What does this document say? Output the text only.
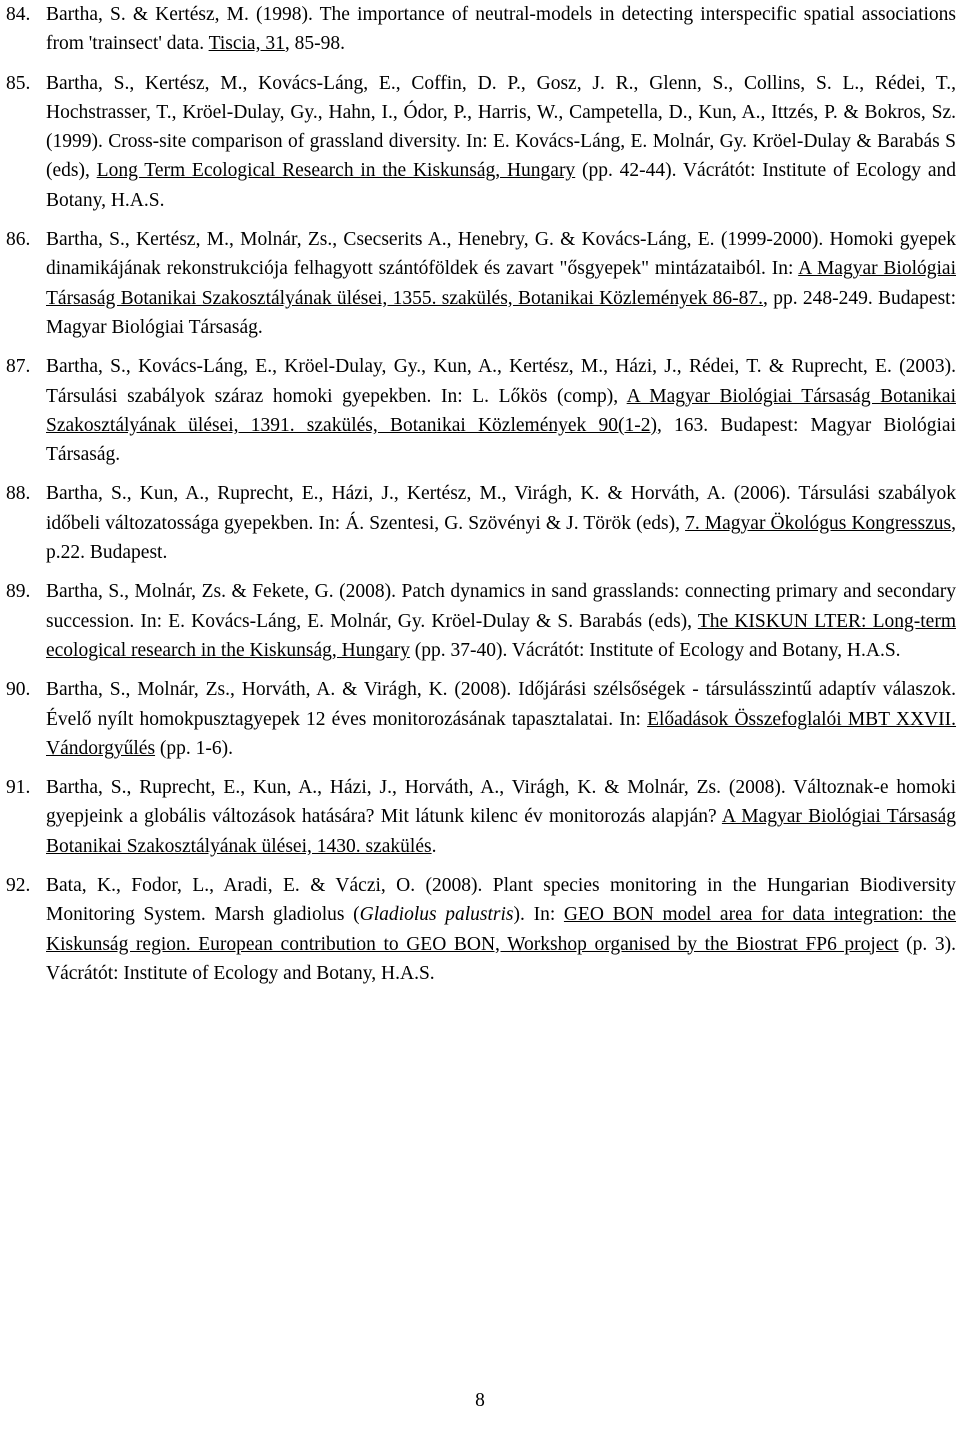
84. Bartha, S. & Kertész, M. (1998). The importance of neutral-models in detecting interspecific spatial associations from 'trainsect' data. Tiscia, 31, 85-98.
85. Bartha, S., Kertész, M., Kovács-Láng, E., Coffin, D. P., Gosz, J. R., Glenn, S., Collins, S. L., Rédei, T., Hochstrasser, T., Kröel-Dulay, Gy., Hahn, I., Ódor, P., Harris, W., Campetella, D., Kun, A., Ittzés, P. & Bokros, Sz. (1999). Cross-site comparison of grassland diversity. In: E. Kovács-Láng, E. Molnár, Gy. Kröel-Dulay & Barabás S (eds), Long Term Ecological Research in the Kiskunság, Hungary (pp. 42-44). Vácrátót: Institute of Ecology and Botany, H.A.S.
86. Bartha, S., Kertész, M., Molnár, Zs., Csecserits A., Henebry, G. & Kovács-Láng, E. (1999-2000). Homoki gyepek dinamikájának rekonstrukciója felhagyott szántóföldek és zavart "ősgyepek" mintázataiból. In: A Magyar Biológiai Társaság Botanikai Szakosztályának ülései, 1355. szakülés, Botanikai Közlemények 86-87., pp. 248-249. Budapest: Magyar Biológiai Társaság.
87. Bartha, S., Kovács-Láng, E., Kröel-Dulay, Gy., Kun, A., Kertész, M., Házi, J., Rédei, T. & Ruprecht, E. (2003). Társulási szabályok száraz homoki gyepekben. In: L. Lőkös (comp), A Magyar Biológiai Társaság Botanikai Szakosztályának ülései, 1391. szakülés, Botanikai Közlemények 90(1-2), 163. Budapest: Magyar Biológiai Társaság.
88. Bartha, S., Kun, A., Ruprecht, E., Házi, J., Kertész, M., Virágh, K. & Horváth, A. (2006). Társulási szabályok időbeli változatossága gyepekben. In: Á. Szentesi, G. Szövényi & J. Török (eds), 7. Magyar Ökológus Kongresszus, p.22. Budapest.
89. Bartha, S., Molnár, Zs. & Fekete, G. (2008). Patch dynamics in sand grasslands: connecting primary and secondary succession. In: E. Kovács-Láng, E. Molnár, Gy. Kröel-Dulay & S. Barabás (eds), The KISKUN LTER: Long-term ecological research in the Kiskunság, Hungary (pp. 37-40). Vácrátót: Institute of Ecology and Botany, H.A.S.
90. Bartha, S., Molnár, Zs., Horváth, A. & Virágh, K. (2008). Időjárási szélsőségek - társulásszintű adaptív válaszok. Évelő nyílt homokpusztagyepek 12 éves monitorozásának tapasztalatai. In: Előadások Összefoglalói MBT XXVII. Vándorgyűlés (pp. 1-6).
91. Bartha, S., Ruprecht, E., Kun, A., Házi, J., Horváth, A., Virágh, K. & Molnár, Zs. (2008). Változnak-e homoki gyepjeink a globális változások hatására? Mit látunk kilenc év monitorozás alapján? A Magyar Biológiai Társaság Botanikai Szakosztályának ülései, 1430. szakülés.
92. Bata, K., Fodor, L., Aradi, E. & Váczi, O. (2008). Plant species monitoring in the Hungarian Biodiversity Monitoring System. Marsh gladiolus (Gladiolus palustris). In: GEO BON model area for data integration: the Kiskunság region. European contribution to GEO BON, Workshop organised by the Biostrat FP6 project (p. 3). Vácrátót: Institute of Ecology and Botany, H.A.S.
8
